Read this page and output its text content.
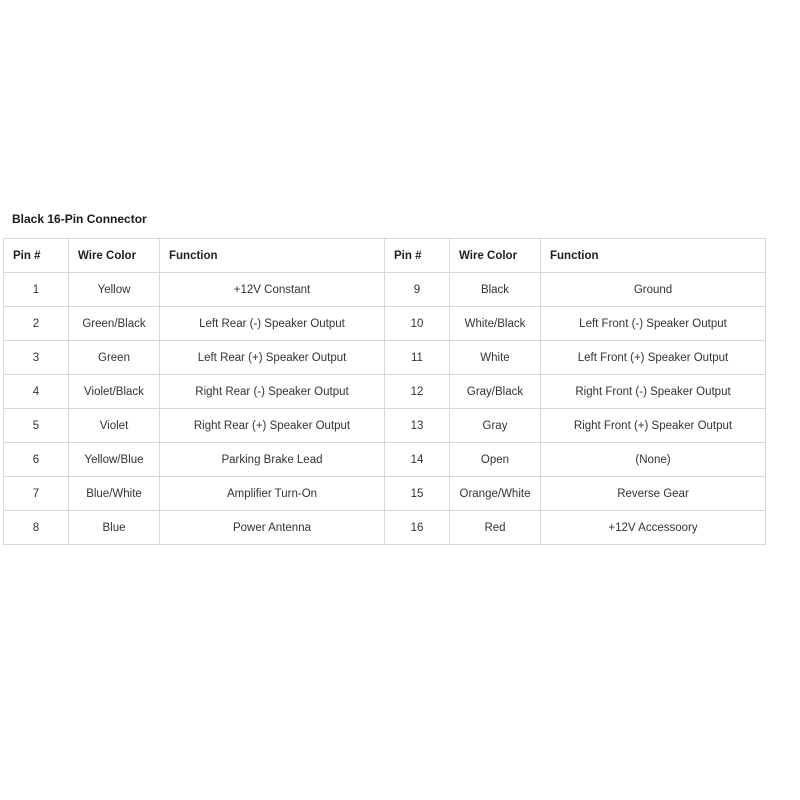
Black 16-Pin Connector
Pin #	Wire Color	Function	Pin #	Wire Color	Function
1	Yellow	+12V Constant	9	Black	Ground
2	Green/Black	Left Rear (-) Speaker Output	10	White/Black	Left Front (-) Speaker Output
3	Green	Left Rear (+) Speaker Output	11	White	Left Front (+) Speaker Output
4	Violet/Black	Right Rear (-) Speaker Output	12	Gray/Black	Right Front (-) Speaker Output
5	Violet	Right Rear (+) Speaker Output	13	Gray	Right Front (+) Speaker Output
6	Yellow/Blue	Parking Brake Lead	14	Open	(None)
7	Blue/White	Amplifier Turn-On	15	Orange/White	Reverse Gear
8	Blue	Power Antenna	16	Red	+12V Accessoory
